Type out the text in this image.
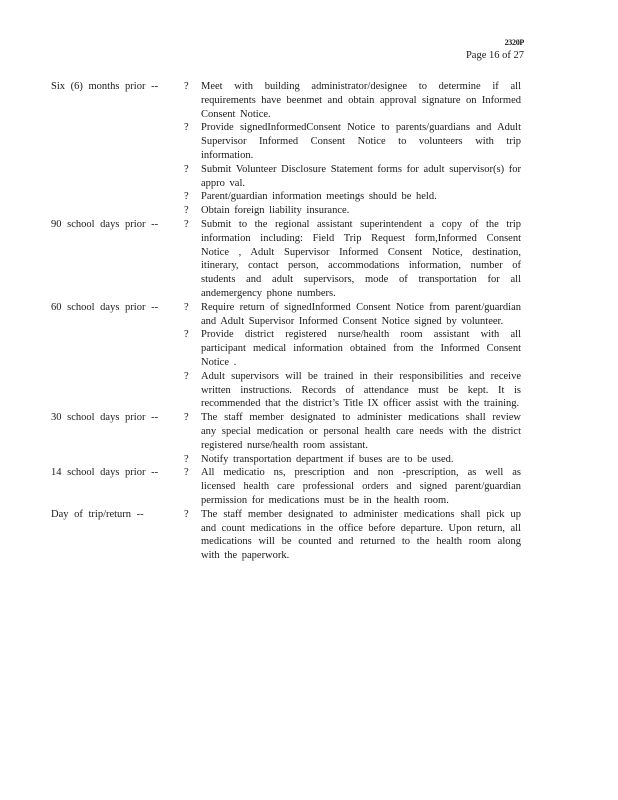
2320P
Page 16 of 27
Six (6) months prior --	? Meet with building administrator/designee to determine if all requirements have beenmet and obtain approval signature on Informed Consent Notice.
? Provide signedInformedConsent Notice to parents/guardians and Adult Supervisor Informed Consent Notice to volunteers with trip information.
? Submit Volunteer Disclosure Statement forms for adult supervisor(s) for appro val.
? Parent/guardian information meetings should be held.
? Obtain foreign liability insurance.
90 school days prior --	? Submit to the regional assistant superintendent a copy of the trip information including: Field Trip Request form,Informed Consent Notice , Adult Supervisor Informed Consent Notice, destination, itinerary, contact person, accommodations information, number of students and adult supervisors, mode of transportation for all andemergency phone numbers.
60 school days prior --	? Require return of signedInformed Consent Notice from parent/guardian and Adult Supervisor Informed Consent Notice signed by volunteer.
? Provide district registered nurse/health room assistant with all participant medical information obtained from the Informed Consent Notice .
? Adult supervisors will be trained in their responsibilities and receive written instructions. Records of attendance must be kept. It is recommended that the district’s Title IX officer assist with the training.
30 school days prior --	? The staff member designated to administer medications shall review any special medication or personal health care needs with the district registered nurse/health room assistant.
? Notify transportation department if buses are to be used.
14 school days prior --	? All medicatio ns, prescription and non -prescription, as well as licensed health care professional orders and signed parent/guardian permission for medications must be in the health room.
Day of trip/return --	? The staff member designated to administer medications shall pick up and count medications in the office before departure. Upon return, all medications will be counted and returned to the health room along with the paperwork.
